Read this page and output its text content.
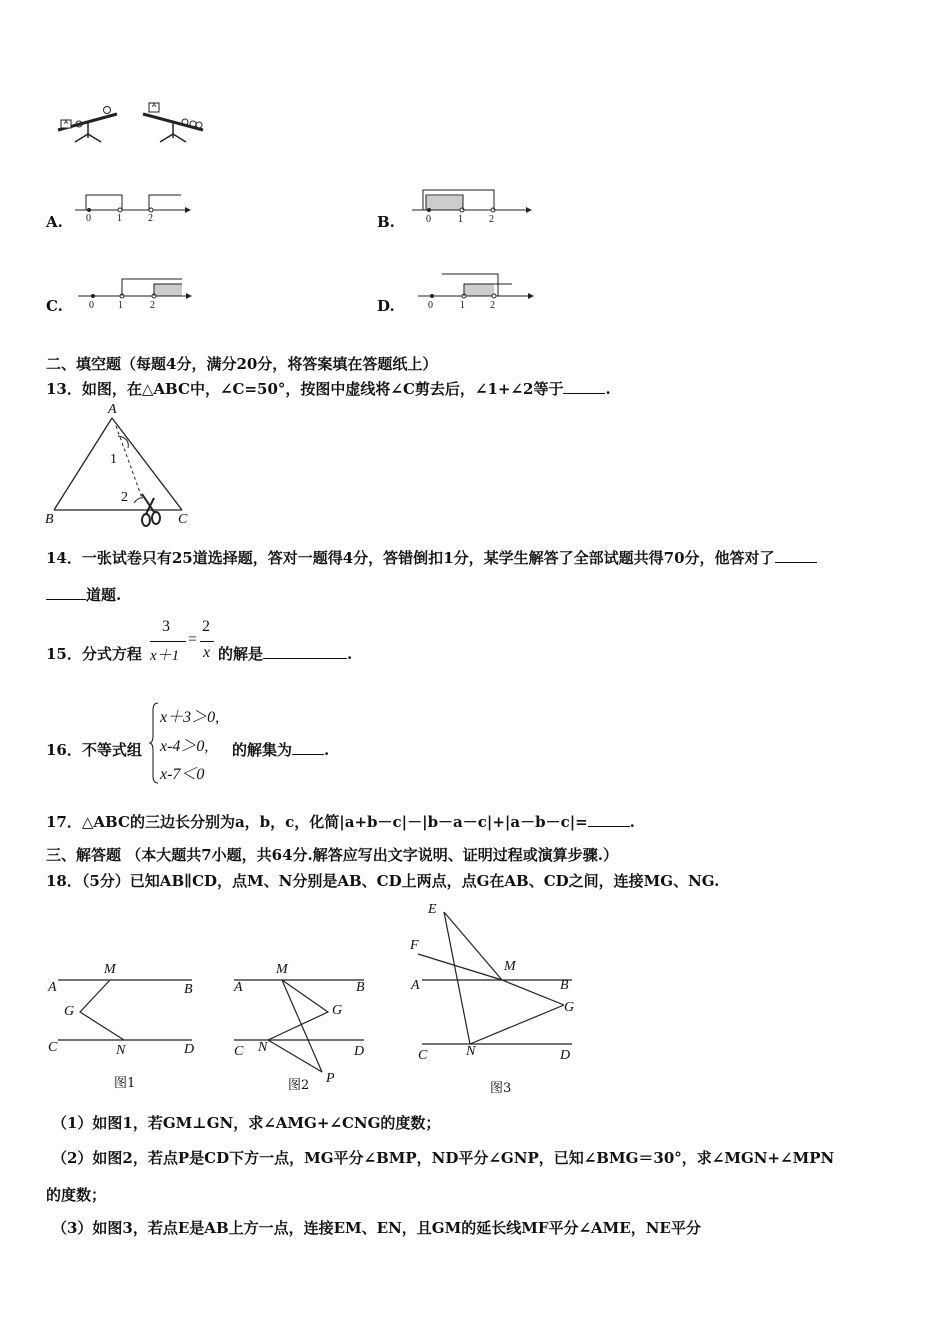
A
A
A. 0	1	2	B.	0	1	2
C.	0 1	2	D.	0	1	2
二、填空题（每题4分，满分20分，将答案填在答题纸上）
13．如图，在△ABC中，∠C=50°，按图中虚线将∠C剪去后，∠1+∠2等于	.
A
B	C
1
2
14．一张试卷只有25道选择题，答对一题得4分，答错倒扣1分，某学生解答了全部试题共得70分，他答对了
道题.
15．分式方程
3
x＋1
=
2
x 的解是	.
16．不等式组
x＋3＞0,
x-4＞0,
x-7＜0
的解集为 .
17．△ABC的三边长分别为a，b，c，化简|a+b－c|－|b－a－c|+|a－b－c|=	.
三、解答题 （本大题共7小题，共64分.解答应写出文字说明、证明过程或演算步骤.）
18．（5分）已知AB∥CD，点M、N分别是AB、CD上两点，点G在AB、CD之间，连接MG、NG.
M
A	B
G
C	N	D
图1
M
A	B
G
C N	D
P
图2
E
F
M
A	B
G
C	N	D
图3
（1）如图1，若GM⊥GN，求∠AMG+∠CNG的度数；
（2）如图2，若点P是CD下方一点，MG平分∠BMP，ND平分∠GNP，已知∠BMG＝30°，求∠MGN+∠MPN
的度数；
（3）如图3，若点E是AB上方一点，连接EM、EN，且GM的延长线MF平分∠AME，NE平分
